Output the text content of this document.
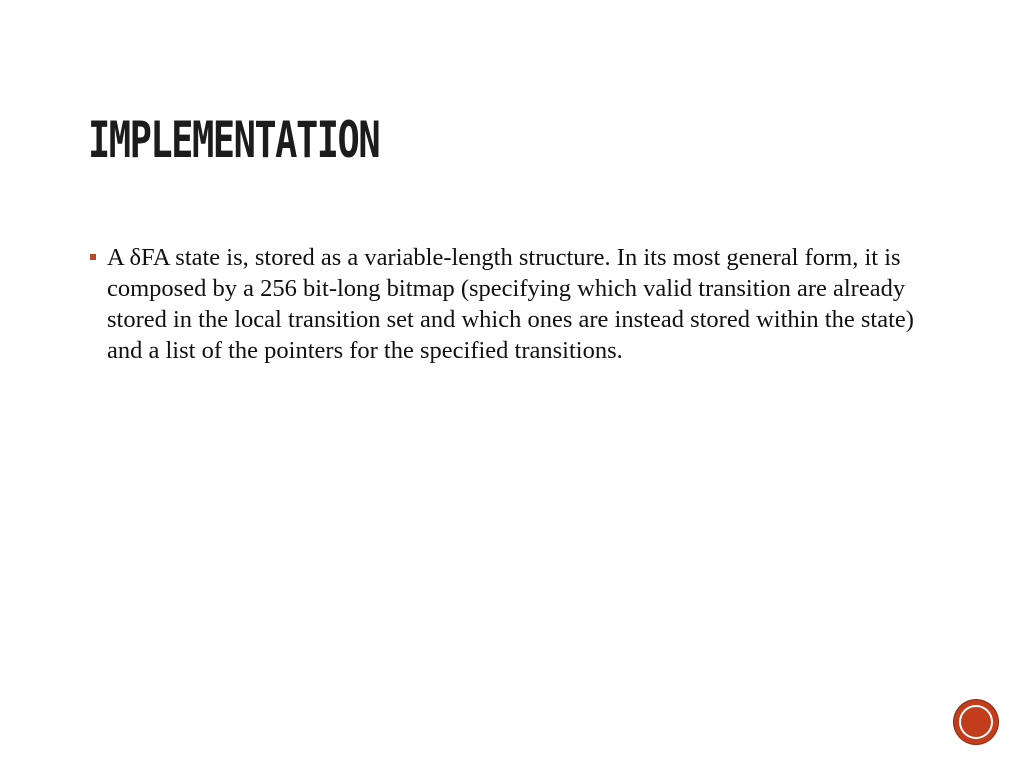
IMPLEMENTATION
A δFA state is, stored as a variable-length structure. In its most general form, it is composed by a 256 bit-long bitmap (specifying which valid transition are already stored in the local transition set and which ones are instead stored within the state) and a list of the pointers for the specified transitions.
